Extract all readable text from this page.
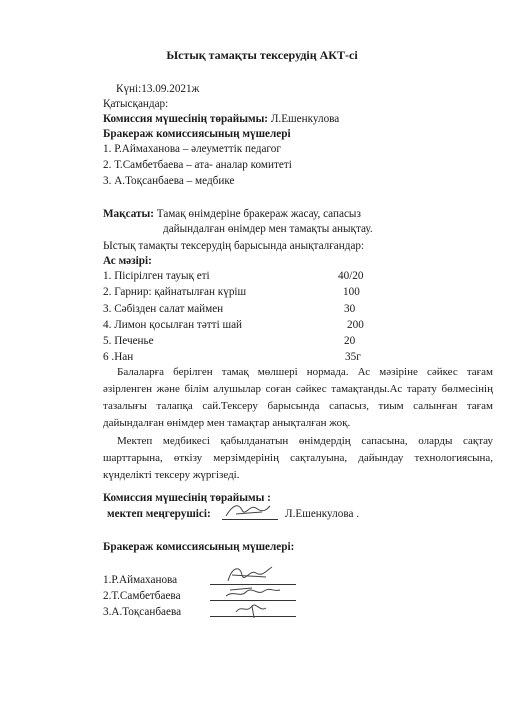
Ыстық тамақты тексерудің АКТ-сі
Күні:13.09.2021ж
Қатысқандар:
Комиссия мүшесінің төрайымы: Л.Ешенкулова
Бракераж комиссиясының мүшелері
1. Р.Аймаханова – әлеуметтік педагог
2. Т.Самбетбаева – ата- аналар комитеті
3. А.Тоқсанбаева – медбике
Мақсаты: Тамақ өнімдеріне бракераж жасау, сапасыз
дайындалған өнімдер мен тамақты анықтау.
Ыстық тамақты тексерудің барысында анықталғандар:
Ас мәзірі:
1. Пісірілген тауық еті	40/20
2. Гарнир: қайнатылған күріш	100
3. Сәбізден салат маймен	30
4. Лимон қосылған тәтті шай	200
5. Печенье	20
6 .Нан	35г
Балаларға берілген тамақ мөлшері нормада. Ас мәзіріне сәйкес тағам әзірленген және білім алушылар соған сәйкес тамақтанды.Ас тарату бөлмесінің тазалығы талапқа сай.Тексеру барысында сапасыз, тиым салынған тағам дайындалған өнімдер мен тамақтар анықталған жоқ.
Мектеп медбикесі қабылданатын өнімдердің сапасына, оларды сақтау шарттарына, өткізу мерзімдерінің сақталуына, дайындау технологиясына, күнделікті тексеру жүргізеді.
Комиссия мүшесінің төрайымы :
мектеп меңгерушісі:	Л.Ешенкулова .
Бракераж комиссиясының мүшелері:
1.Р.Аймаханова
2.Т.Самбетбаева
3.А.Тоқсанбаева
